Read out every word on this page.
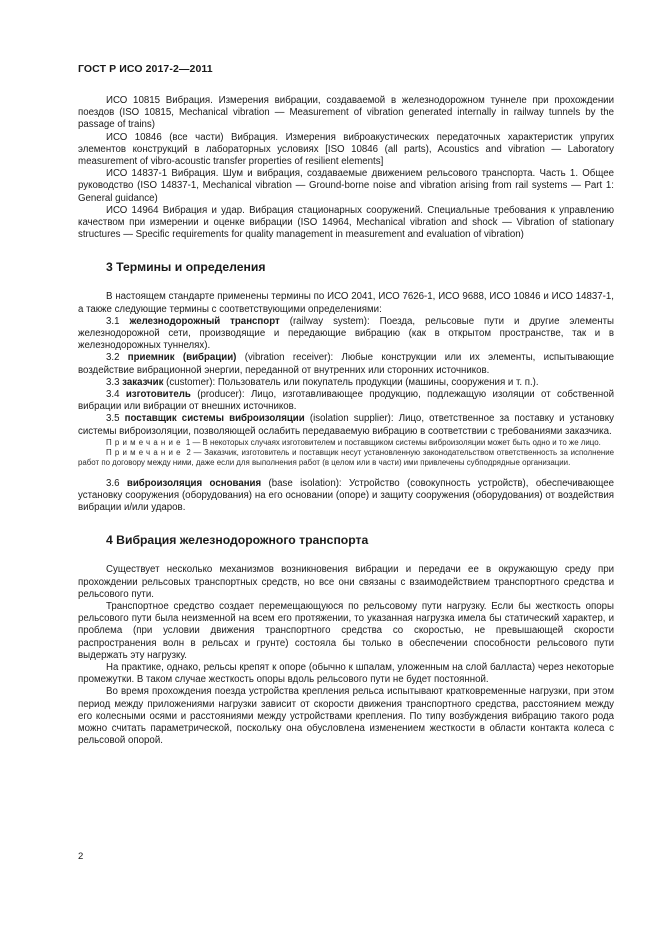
ГОСТ Р ИСО 2017-2—2011

ИСО 10815 Вибрация. Измерения вибрации, создаваемой в железнодорожном туннеле при прохождении поездов (ISO 10815, Mechanical vibration — Measurement of vibration generated internally in railway tunnels by the passage of trains)

ИСО 10846 (все части) Вибрация. Измерения виброакустических передаточных характеристик упругих элементов конструкций в лабораторных условиях [ISO 10846 (all parts), Acoustics and vibration — Laboratory measurement of vibro-acoustic transfer properties of resilient elements]

ИСО 14837-1 Вибрация. Шум и вибрация, создаваемые движением рельсового транспорта. Часть 1. Общее руководство (ISO 14837-1, Mechanical vibration — Ground-borne noise and vibration arising from rail systems — Part 1: General guidance)

ИСО 14964 Вибрация и удар. Вибрация стационарных сооружений. Специальные требования к управлению качеством при измерении и оценке вибрации (ISO 14964, Mechanical vibration and shock — Vibration of stationary structures — Specific requirements for quality management in measurement and evaluation of vibration)

3 Термины и определения

В настоящем стандарте применены термины по ИСО 2041, ИСО 7626-1, ИСО 9688, ИСО 10846 и ИСО 14837-1, а также следующие термины с соответствующими определениями:

3.1 железнодорожный транспорт (railway system): Поезда, рельсовые пути и другие элементы железнодорожной сети, производящие и передающие вибрацию (как в открытом пространстве, так и в железнодорожных туннелях).

3.2 приемник (вибрации) (vibration receiver): Любые конструкции или их элементы, испытывающие воздействие вибрационной энергии, переданной от внутренних или сторонних источников.

3.3 заказчик (customer): Пользователь или покупатель продукции (машины, сооружения и т. п.).

3.4 изготовитель (producer): Лицо, изготавливающее продукцию, подлежащую изоляции от собственной вибрации или вибрации от внешних источников.

3.5 поставщик системы виброизоляции (isolation supplier): Лицо, ответственное за поставку и установку системы виброизоляции, позволяющей ослабить передаваемую вибрацию в соответствии с требованиями заказчика.

Примечание 1 — В некоторых случаях изготовителем и поставщиком системы виброизоляции может быть одно и то же лицо.

Примечание 2 — Заказчик, изготовитель и поставщик несут установленную законодательством ответственность за исполнение работ по договору между ними, даже если для выполнения работ (в целом или в части) ими привлечены субподрядные организации.

3.6 виброизоляция основания (base isolation): Устройство (совокупность устройств), обеспечивающее установку сооружения (оборудования) на его основании (опоре) и защиту сооружения (оборудования) от воздействия вибрации и/или ударов.

4 Вибрация железнодорожного транспорта

Существует несколько механизмов возникновения вибрации и передачи ее в окружающую среду при прохождении рельсовых транспортных средств, но все они связаны с взаимодействием транспортного средства и рельсового пути.

Транспортное средство создает перемещающуюся по рельсовому пути нагрузку. Если бы жесткость опоры рельсового пути была неизменной на всем его протяжении, то указанная нагрузка имела бы статический характер, и проблема (при условии движения транспортного средства со скоростью, не превышающей скорости распространения волн в рельсах и грунте) состояла бы только в обеспечении способности рельсового пути выдержать эту нагрузку.

На практике, однако, рельсы крепят к опоре (обычно к шпалам, уложенным на слой балласта) через некоторые промежутки. В таком случае жесткость опоры вдоль рельсового пути не будет постоянной.

Во время прохождения поезда устройства крепления рельса испытывают кратковременные нагрузки, при этом период между приложениями нагрузки зависит от скорости движения транспортного средства, расстоянием между его колесными осями и расстояниями между устройствами крепления. По типу возбуждения вибрацию такого рода можно считать параметрической, поскольку она обусловлена изменением жесткости в области контакта колеса с рельсовой опорой.

2
